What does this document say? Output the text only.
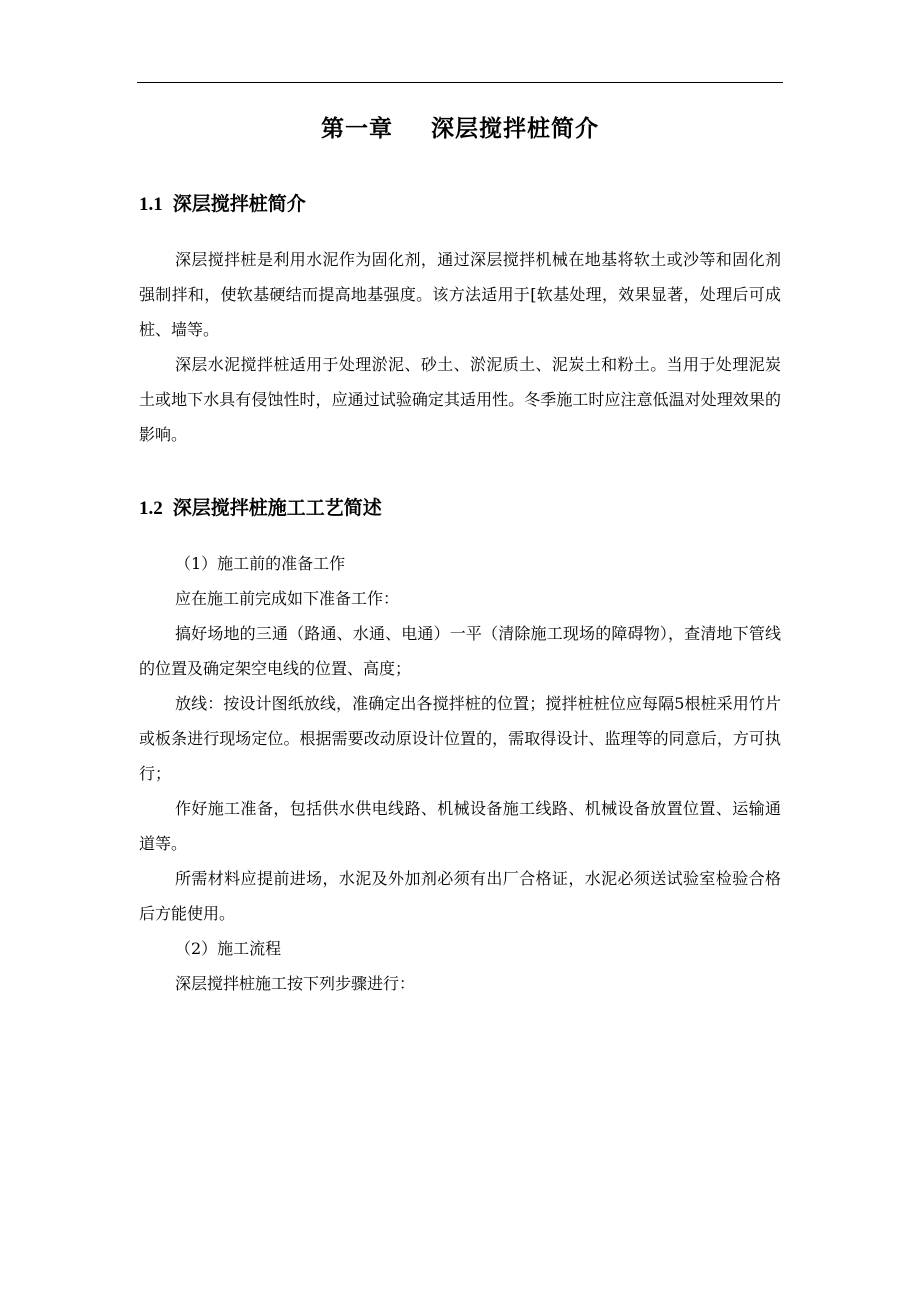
第一章 深层搅拌桩简介
1.1 深层搅拌桩简介

深层搅拌桩是利用水泥作为固化剂，通过深层搅拌机械在地基将软土或沙等和固化剂强制拌和，使软基硬结而提高地基强度。该方法适用于[软基处理，效果显著，处理后可成桩、墙等。

深层水泥搅拌桩适用于处理淤泥、砂土、淤泥质土、泥炭土和粉土。当用于处理泥炭土或地下水具有侵蚀性时，应通过试验确定其适用性。冬季施工时应注意低温对处理效果的影响。

1.2 深层搅拌桩施工工艺简述

（1）施工前的准备工作

应在施工前完成如下准备工作：

搞好场地的三通（路通、水通、电通）一平（清除施工现场的障碍物），查清地下管线的位置及确定架空电线的位置、高度；

放线：按设计图纸放线，准确定出各搅拌桩的位置；搅拌桩桩位应每隔5根桩采用竹片或板条进行现场定位。根据需要改动原设计位置的，需取得设计、监理等的同意后，方可执行；

作好施工准备，包括供水供电线路、机械设备施工线路、机械设备放置位置、运输通道等。

所需材料应提前进场，水泥及外加剂必须有出厂合格证，水泥必须送试验室检验合格后方能使用。

（2）施工流程

深层搅拌桩施工按下列步骤进行：
